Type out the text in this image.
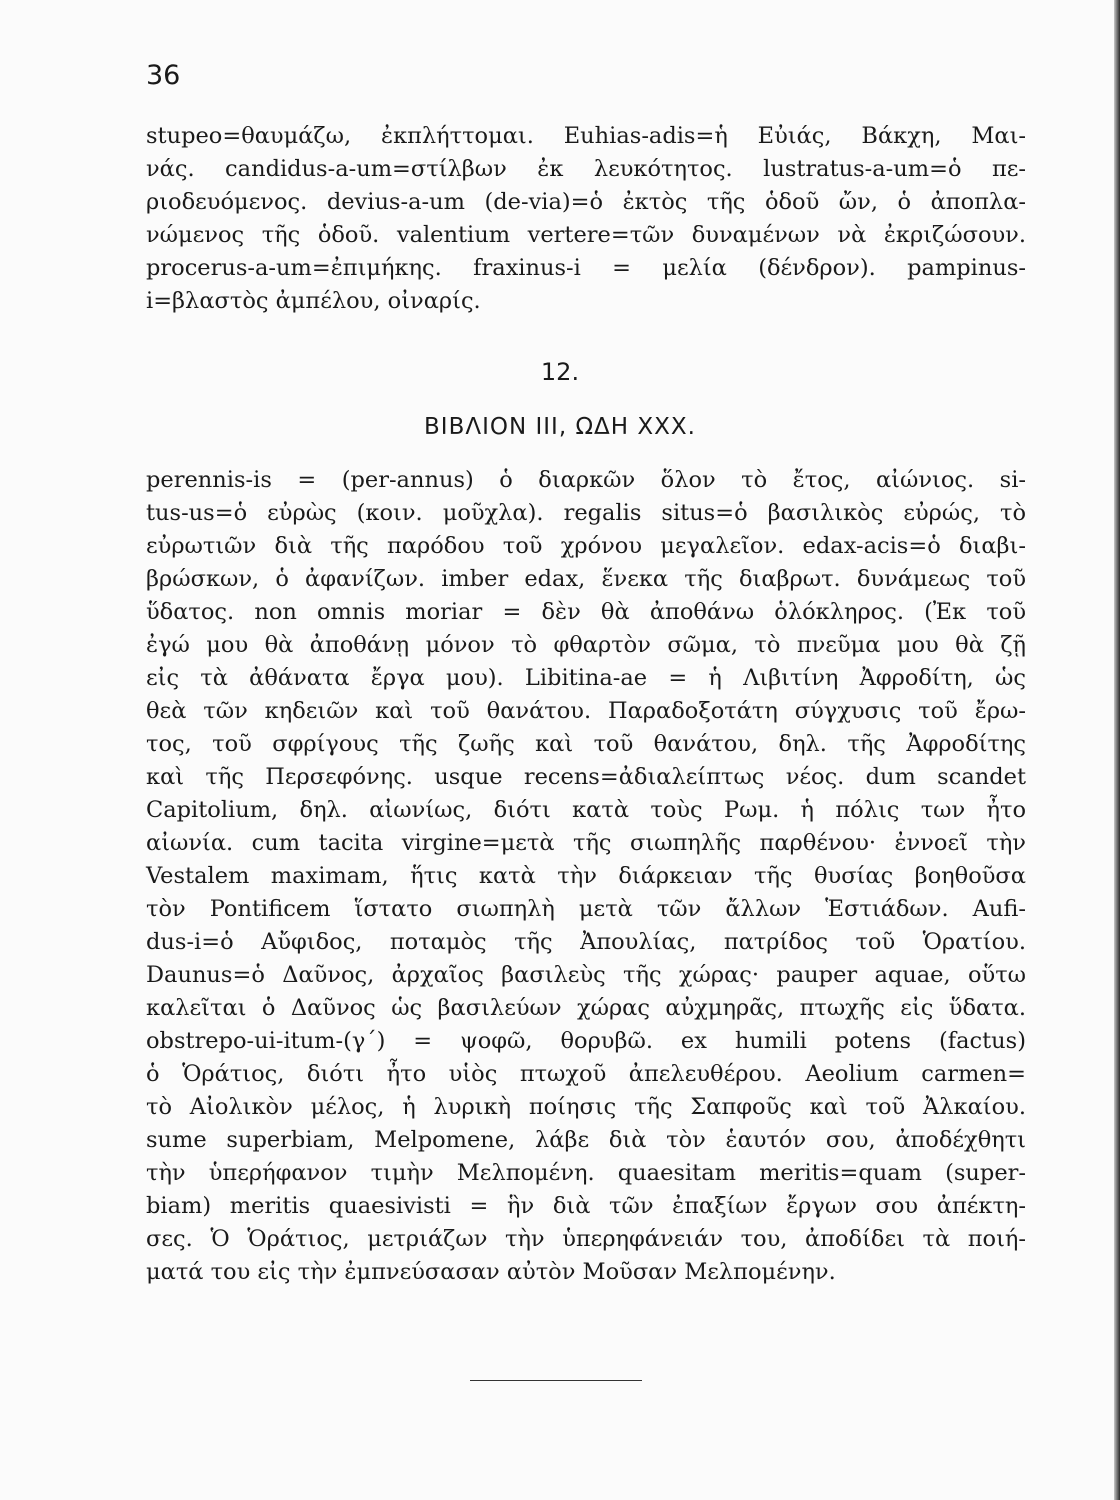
36
stupeo=θαυμάζω, ἐκπλήττομαι. Euhias-adis=ἡ Εὐιάς, Βάκχη, Μαι-
νάς. candidus-a-um=στίλβων ἐκ λευκότητος. lustratus-a-um=ὁ πε-
ριοδευόμενος. devius-a-um (de-via)=ὁ ἐκτὸς τῆς ὁδοῦ ὤν, ὁ ἀποπλα-
νώμενος τῆς ὁδοῦ. valentium vertere=τῶν δυναμένων νὰ ἐκριζώσουν.
procerus-a-um=ἐπιμήκης. fraxinus-i = μελία (δένδρον). pampinus-
i=βλαστὸς ἀμπέλου, οἰναρίς.
12.
ΒΙΒΛΙΟΝ ΙΙΙ, ΩΔΗ XXX.
perennis-is = (per-annus) ὁ διαρκῶν ὅλον τὸ ἔτος, αἰώνιος. si-
tus-us=ὁ εὐρὼς (κοιν. μοῦχλα). regalis situs=ὁ βασιλικὸς εὐρώς, τὸ
εὐρωτιῶν διὰ τῆς παρόδου τοῦ χρόνου μεγαλεῖον. edax-acis=ὁ διαβι-
βρώσκων, ὁ ἀφανίζων. imber edax, ἕνεκα τῆς διαβρωτ. δυνάμεως τοῦ
ὕδατος. non omnis moriar = δὲν θὰ ἀποθάνω ὁλόκληρος. (Ἐκ τοῦ
ἐγώ μου θὰ ἀποθάνῃ μόνον τὸ φθαρτὸν σῶμα, τὸ πνεῦμα μου θὰ ζῇ
εἰς τὰ ἀθάνατα ἔργα μου). Libitina-ae = ἡ Λιβιτίνη Ἀφροδίτη, ὡς
θεὰ τῶν κηδειῶν καὶ τοῦ θανάτου. Παραδοξοτάτη σύγχυσις τοῦ ἔρω-
τος, τοῦ σφρίγους τῆς ζωῆς καὶ τοῦ θανάτου, δηλ. τῆς Ἀφροδίτης
καὶ τῆς Περσεφόνης. usque recens=ἀδιαλείπτως νέος. dum scandet
Capitolium, δηλ. αἰωνίως, διότι κατὰ τοὺς Ρωμ. ἡ πόλις των ἦτο
αἰωνία. cum tacita virgine=μετὰ τῆς σιωπηλῆς παρθένου· ἐννοεῖ τὴν
Vestalem maximam, ἥτις κατὰ τὴν διάρκειαν τῆς θυσίας βοηθοῦσα
τὸν Pontificem ἵστατο σιωπηλὴ μετὰ τῶν ἄλλων Ἑστιάδων. Aufi-
dus-i=ὁ Αὔφιδος, ποταμὸς τῆς Ἀπουλίας, πατρίδος τοῦ Ὁρατίου.
Daunus=ὁ Δαῦνος, ἀρχαῖος βασιλεὺς τῆς χώρας· pauper aquae, οὕτω
καλεῖται ὁ Δαῦνος ὡς βασιλεύων χώρας αὐχμηρᾶς, πτωχῆς εἰς ὕδατα.
obstrepo-ui-itum-(γ΄) = ψοφῶ, θορυβῶ. ex humili potens (factus)
ὁ Ὁράτιος, διότι ἦτο υἱὸς πτωχοῦ ἀπελευθέρου. Aeolium carmen=
τὸ Αἰολικὸν μέλος, ἡ λυρικὴ ποίησις τῆς Σαπφοῦς καὶ τοῦ Ἀλκαίου.
sume superbiam, Melpomene, λάβε διὰ τὸν ἑαυτόν σου, ἀποδέχθητι
τὴν ὑπερήφανον τιμὴν Μελπομένη. quaesitam meritis=quam (super-
biam) meritis quaesivisti = ἣν διὰ τῶν ἐπαξίων ἔργων σου ἀπέκτη-
σες. Ὁ Ὁράτιος, μετριάζων τὴν ὑπερηφάνειάν του, ἀποδίδει τὰ ποιή-
ματά του εἰς τὴν ἐμπνεύσασαν αὐτὸν Μοῦσαν Μελπομένην.
